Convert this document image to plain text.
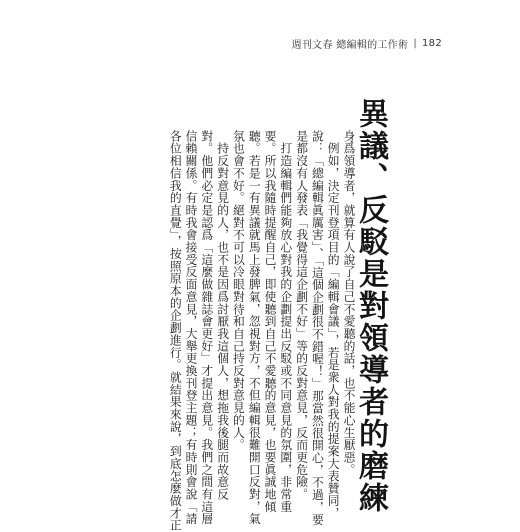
週刊文春 總編輯的工作術 | 182
異議、反駁是對領導者的磨練

身爲領導者，就算有人說了自己不愛聽的話，也不能心生厭惡。

　例如，決定刊登項目的「編輯會議」，若是衆人對我的提案大表贊同，

說：「總編輯眞厲害」、「這個企劃很不錯喔！」那當然很開心，不過，要

是都沒有人發表「我覺得這企劃不好」等的反對意見，反而更危險。

　打造編輯們能夠放心對我的企劃提出反駁或不同意見的氛圍，非常重

要。所以我隨時提醒自己，即使聽到自己不愛聽的意見，也要眞誠地傾

聽。若是一有異議就馬上發脾氣，忽視對方，不但編輯很難開口反對，氣

氛也會不好。絕對不可以冷眼對待和自己持反對意見的人。

　持反對意見的人，也不是因爲討厭我這個人，想拖我後腿而故意反

對。他們必定是認爲「這麼做雜誌會更好」才提出意見。我們之間有這層

信賴關係。有時我會接受反面意見，大舉更換刊登主題；有時則會說「請

各位相信我的直覺」，按照原本的企劃進行。就結果來說，到底怎麼做才正
